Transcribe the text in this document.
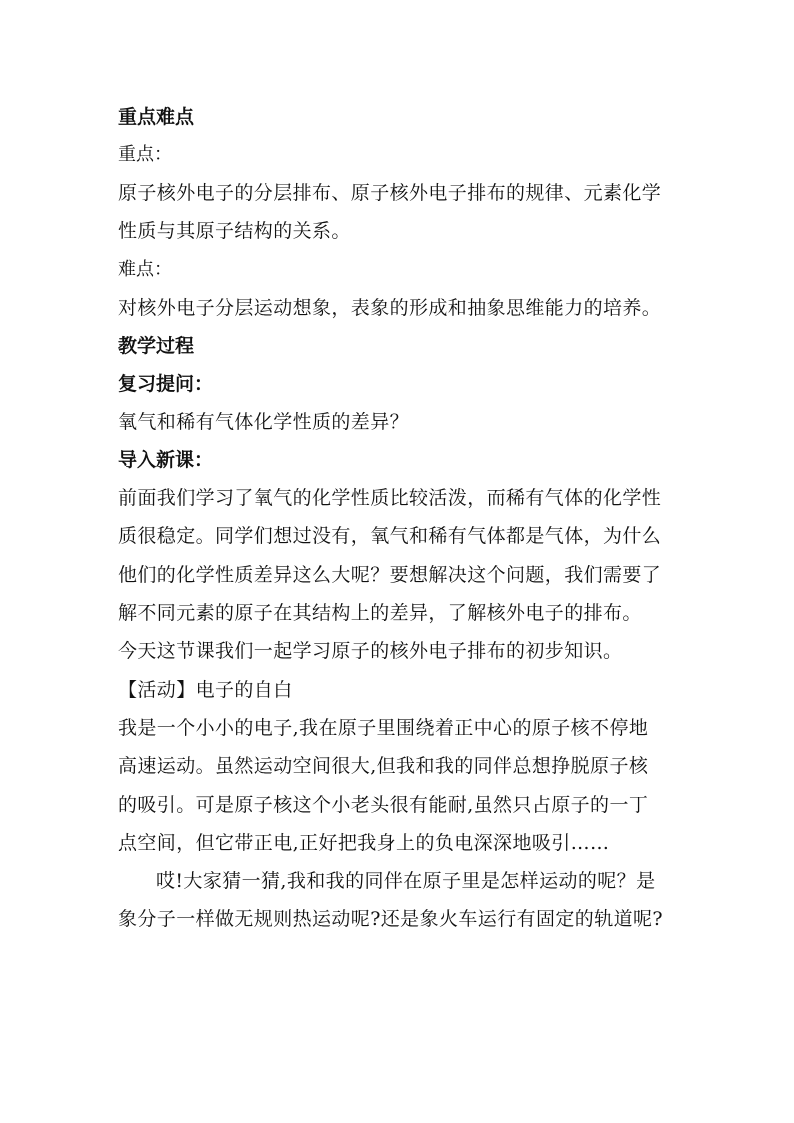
重点难点
重点：
原子核外电子的分层排布、原子核外电子排布的规律、元素化学
性质与其原子结构的关系。
难点：
对核外电子分层运动想象，表象的形成和抽象思维能力的培养。
教学过程
复习提问：
氧气和稀有气体化学性质的差异？
导入新课：
前面我们学习了氧气的化学性质比较活泼，而稀有气体的化学性
质很稳定。同学们想过没有，氧气和稀有气体都是气体，为什么
他们的化学性质差异这么大呢？要想解决这个问题，我们需要了
解不同元素的原子在其结构上的差异，了解核外电子的排布。
今天这节课我们一起学习原子的核外电子排布的初步知识。
【活动】电子的自白
我是一个小小的电子,我在原子里围绕着正中心的原子核不停地
高速运动。虽然运动空间很大,但我和我的同伴总想挣脱原子核
的吸引。可是原子核这个小老头很有能耐,虽然只占原子的一丁
点空间，但它带正电,正好把我身上的负电深深地吸引……
哎!大家猜一猜,我和我的同伴在原子里是怎样运动的呢？是
象分子一样做无规则热运动呢?还是象火车运行有固定的轨道呢?
